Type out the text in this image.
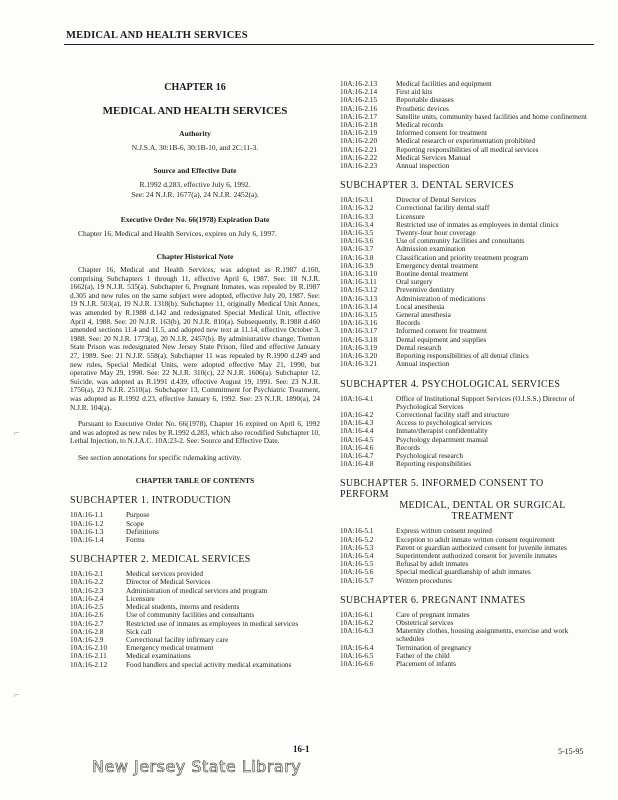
MEDICAL AND HEALTH SERVICES
CHAPTER 16
MEDICAL AND HEALTH SERVICES
Authority
N.J.S.A. 30:1B-6, 30:1B-10, and 2C:11-3.
Source and Effective Date
R.1992 d.283, effective July 6, 1992.
See: 24 N.J.R. 1677(a), 24 N.J.R. 2452(a).
Executive Order No. 66(1978) Expiration Date
Chapter 16, Medical and Health Services, expires on July 6, 1997.
Chapter Historical Note

Chapter 16, Medical and Health Services, was adopted as R.1987 d.160, comprising Subchapters 1 through 11, effective April 6, 1987. See: 18 N.J.R. 1662(a), 19 N.J.R. 535(a). Subchapter 6, Pregnant Inmates, was repealed by R.1987 d.305 and new rules on the same subject were adopted, effective July 20, 1987. See: 19 N.J.R. 503(a), 19 N.J.R. 1318(b). Subchapter 11, originally Medical Unit Annex, was amended by R.1988 d.142 and redesignated Special Medical Unit, effective April 4, 1988. See: 20 N.J.R. 163(b), 20 N.J.R. 810(a). Subsequently, R.1988 d.460 amended sections 11.4 and 11.5, and adopted new text at 11.14, effective October 3, 1988. See: 20 N.J.R. 1773(a), 20 N.J.R. 2457(b). By administrative change, Trenton State Prison was redesignated New Jersey State Prison, filed and effective January 27, 1989. See: 21 N.J.R. 558(a). Subchapter 11 was repealed by R.1990 d.249 and new rules, Special Medical Units, were adopted effective May 21, 1990, but operative May 29, 1990. See: 22 N.J.R. 310(c), 22 N.J.R. 1606(a). Subchapter 12, Suicide, was adopted as R.1991 d.439, effective August 19, 1991. See: 23 N.J.R. 1756(a), 23 N.J.R. 2510(a). Subchapter 13, Commitment for Psychiatric Treatment, was adopted as R.1992 d.23, effective January 6, 1992. See: 23 N.J.R. 1890(a), 24 N.J.R. 104(a).

Pursuant to Executive Order No. 66(1978), Chapter 16 expired on April 6, 1992 and was adopted as new rules by R.1992 d.283, which also recodified Subchapter 10, Lethal Injection, to N.J.A.C. 10A:23-2. See: Source and Effective Date.

See section annotations for specific rulemaking activity.

CHAPTER TABLE OF CONTENTS
SUBCHAPTER 1. INTRODUCTION
10A:16-1.1	Purpose
10A:16-1.2	Scope
10A:16-1.3	Definitions
10A:16-1.4	Forms
SUBCHAPTER 2. MEDICAL SERVICES
10A:16-2.1	Medical services provided
10A:16-2.2	Director of Medical Services
10A:16-2.3	Administration of medical services and program
10A:16-2.4	Licensure
10A:16-2.5	Medical students, interns and residents
10A:16-2.6	Use of community facilities and consultants
10A:16-2.7	Restricted use of inmates as employees in medical services
10A:16-2.8	Sick call
10A:16-2.9	Correctional facility infirmary care
10A:16-2.10	Emergency medical treatment
10A:16-2.11	Medical examinations
10A:16-2.12	Food handlers and special activity medical examinations
10A:16-2.13	Medical facilities and equipment
10A:16-2.14	First aid kits
10A:16-2.15	Reportable diseases
10A:16-2.16	Prosthetic devices
10A:16-2.17	Satellite units, community based facilities and home confinement
10A:16-2.18	Medical records
10A:16-2.19	Informed consent for treatment
10A:16-2.20	Medical research or experimentation prohibited
10A:16-2.21	Reporting responsibilities of all medical services
10A:16-2.22	Medical Services Manual
10A:16-2.23	Annual inspection
SUBCHAPTER 3. DENTAL SERVICES
10A:16-3.1	Director of Dental Services
10A:16-3.2	Correctional facility dental staff
10A:16-3.3	Licensure
10A:16-3.4	Restricted use of inmates as employees in dental clinics
10A:16-3.5	Twenty-four hour coverage
10A:16-3.6	Use of community facilities and consultants
10A:16-3.7	Admission examination
10A:16-3.8	Classification and priority treatment program
10A:16-3.9	Emergency dental treatment
10A:16-3.10	Routine dental treatment
10A:16-3.11	Oral surgery
10A:16-3.12	Preventive dentistry
10A:16-3.13	Administration of medications
10A:16-3.14	Local anesthesia
10A:16-3.15	General anesthesia
10A:16-3.16	Records
10A:16-3.17	Informed consent for treatment
10A:16-3.18	Dental equipment and supplies
10A:16-3.19	Dental research
10A:16-3.20	Reporting responsibilities of all dental clinics
10A:16-3.21	Annual inspection
SUBCHAPTER 4. PSYCHOLOGICAL SERVICES
10A:16-4.1	Office of Institutional Support Services (O.I.S.S.) Director of Psychological Services
10A:16-4.2	Correctional facility staff and structure
10A:16-4.3	Access to psychological services
10A:16-4.4	Inmate/therapist confidentiality
10A:16-4.5	Psychology department manual
10A:16-4.6	Records
10A:16-4.7	Psychological research
10A:16-4.8	Reporting responsibilities
SUBCHAPTER 5. INFORMED CONSENT TO PERFORM
MEDICAL, DENTAL OR SURGICAL TREATMENT
10A:16-5.1	Express written consent required
10A:16-5.2	Exception to adult inmate written consent requirement
10A:16-5.3	Parent or guardian authorized consent for juvenile inmates
10A:16-5.4	Superintendent authorized consent for juvenile inmates
10A:16-5.5	Refusal by adult inmates
10A:16-5.6	Special medical guardianship of adult inmates
10A:16-5.7	Written procedures
SUBCHAPTER 6. PREGNANT INMATES
10A:16-6.1	Care of pregnant inmates
10A:16-6.2	Obstetrical services
10A:16-6.3	Maternity clothes, housing assignments, exercise and work schedules
10A:16-6.4	Termination of pregnancy
10A:16-6.5	Father of the child
10A:16-6.6	Placement of infants
16-1	5-15-95
New Jersey State Library
⌐
⌐
